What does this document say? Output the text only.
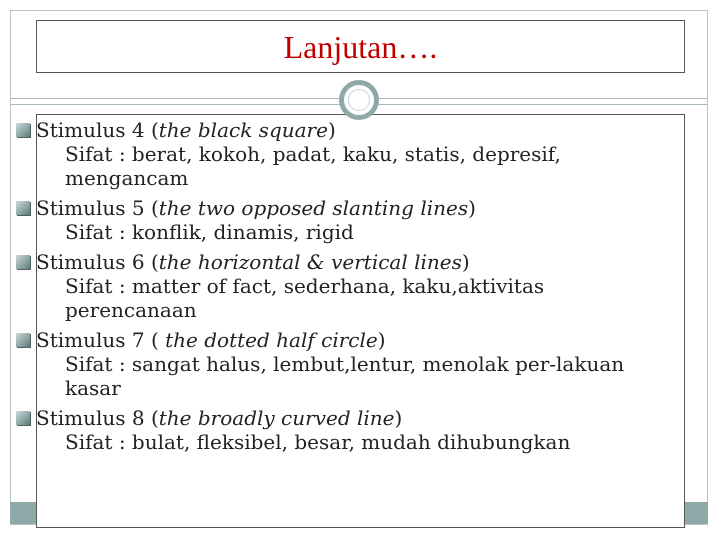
Lanjutan….
Stimulus 4 (the black square)
Sifat : berat, kokoh, padat, kaku, statis, depresif,
mengancam
Stimulus 5 (the two opposed slanting lines)
Sifat : konflik, dinamis, rigid
Stimulus 6 (the horizontal & vertical lines)
Sifat : matter of fact, sederhana, kaku,aktivitas
perencanaan
Stimulus 7 ( the dotted half circle)
Sifat : sangat halus, lembut,lentur, menolak per-lakuan
kasar
Stimulus 8 (the broadly curved line)
Sifat : bulat, fleksibel, besar, mudah dihubungkan
